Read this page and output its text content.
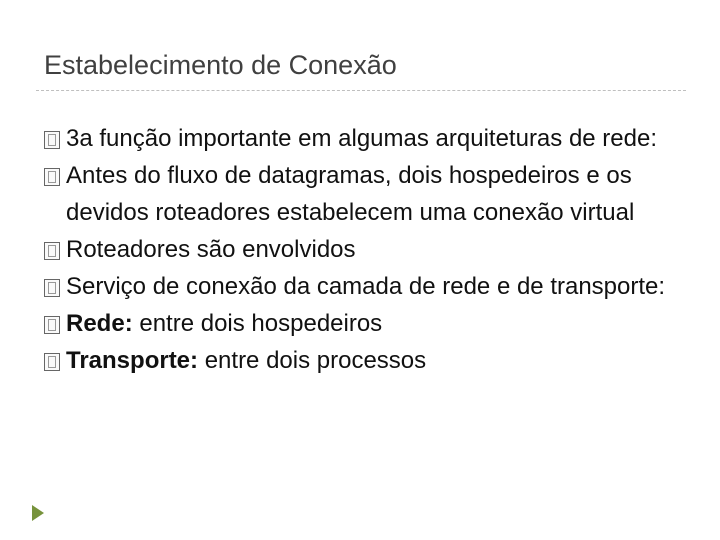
Estabelecimento de Conexão
3a função importante em algumas arquiteturas de rede:
Antes do fluxo de datagramas, dois hospedeiros e os devidos roteadores estabelecem uma conexão virtual
Roteadores são envolvidos
Serviço de conexão da camada de rede e de transporte:
Rede: entre dois hospedeiros
Transporte: entre dois processos
